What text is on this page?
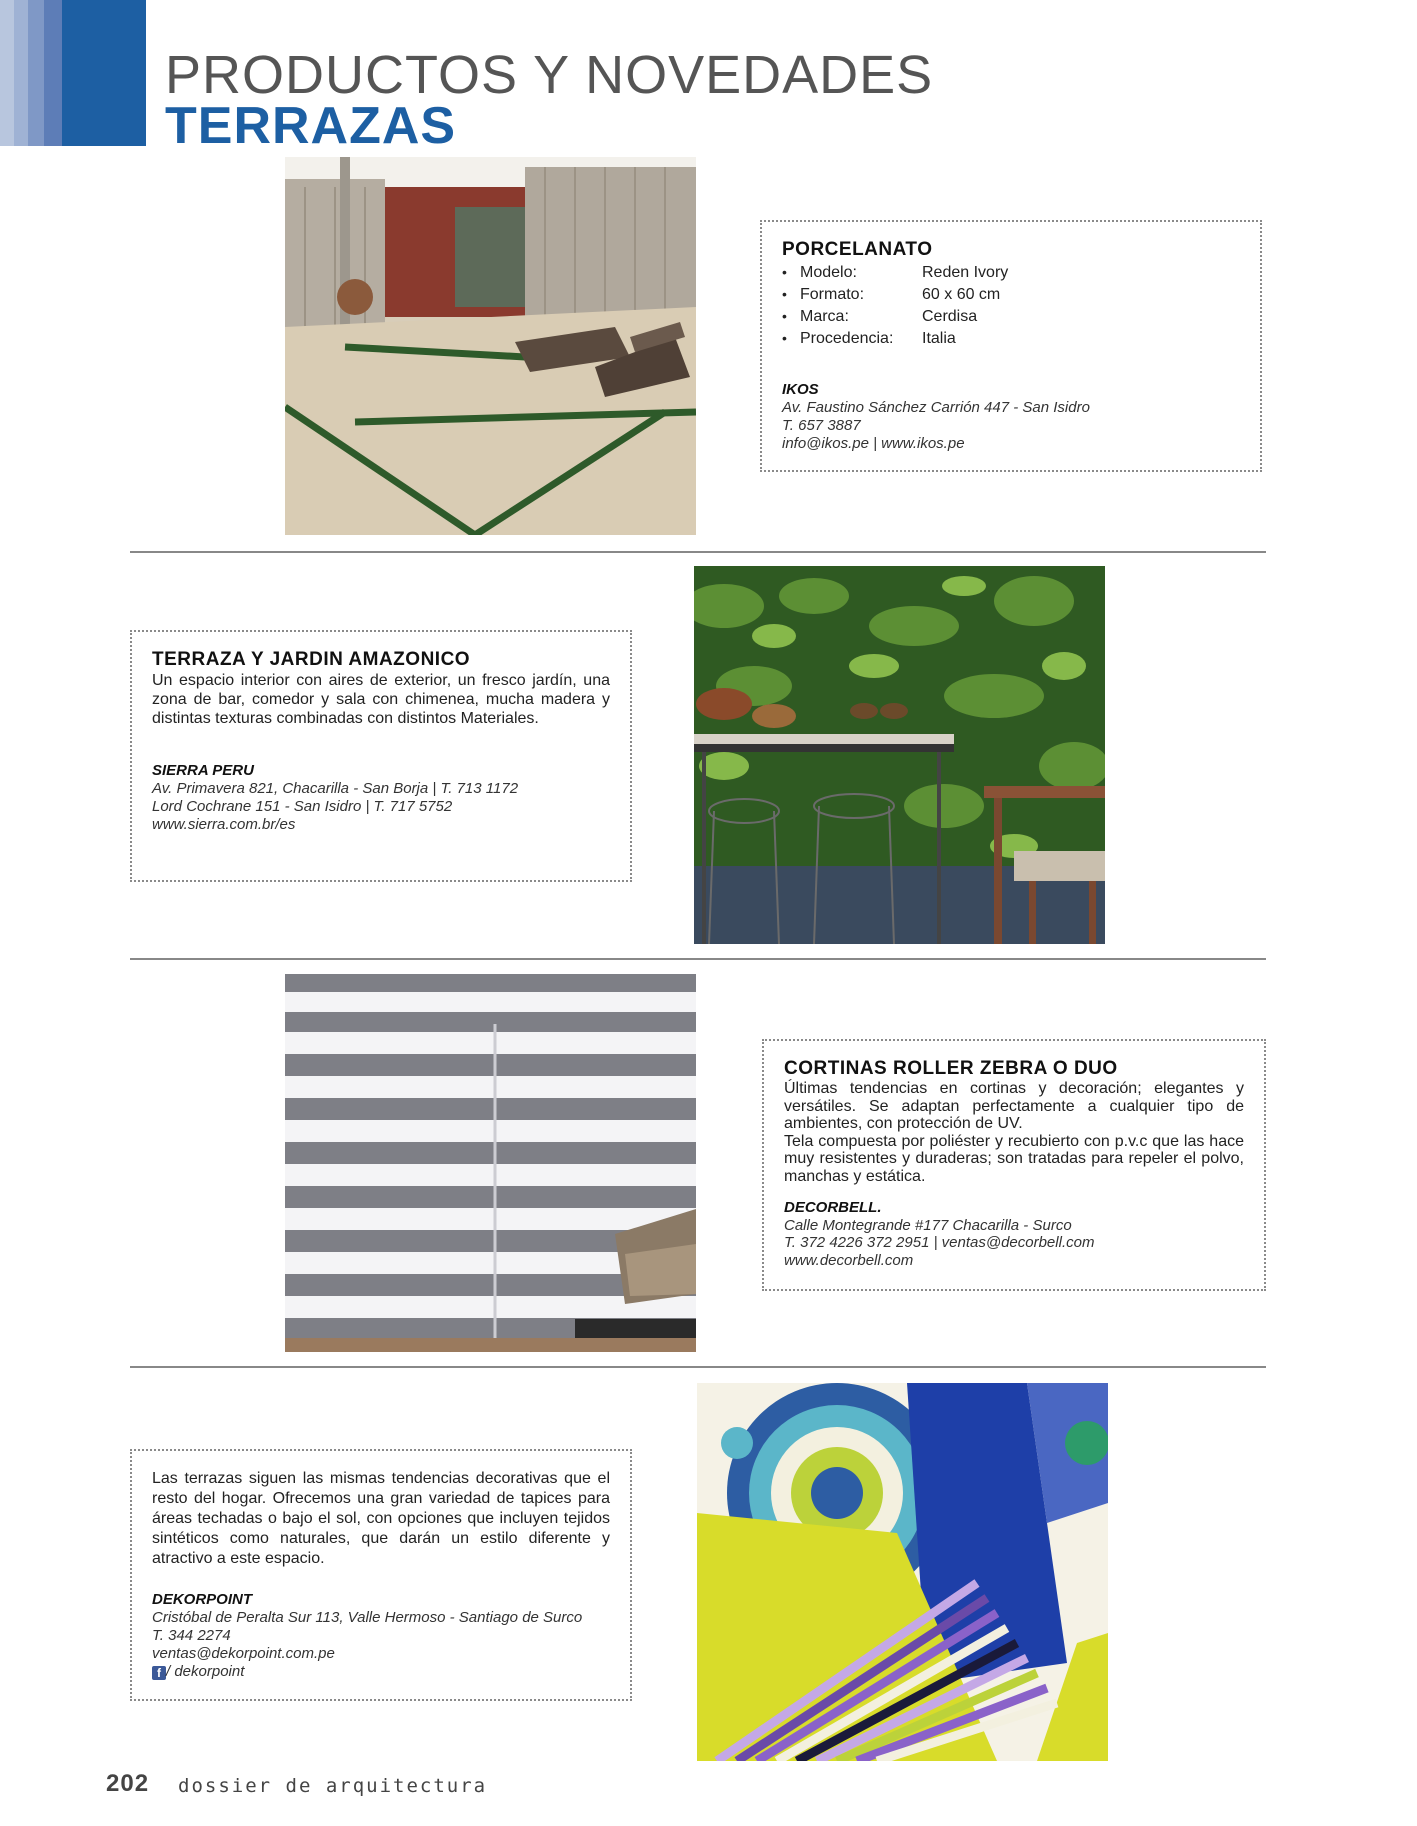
PRODUCTOS Y NOVEDADES
TERRAZAS
PORCELANATO
• Modelo:	Reden Ivory
• Formato:	60 x 60 cm
• Marca:	Cerdisa
• Procedencia:	Italia
IKOS
Av. Faustino Sánchez Carrión 447 - San Isidro
T. 657 3887
info@ikos.pe | www.ikos.pe
TERRAZA Y JARDIN AMAZONICO
Un espacio interior con aires de exterior, un fresco jardín, una zona de bar, comedor y sala con chimenea, mucha madera y distintas texturas combinadas con distintos Materiales.
SIERRA PERU
Av. Primavera 821, Chacarilla - San Borja | T. 713 1172
Lord Cochrane 151 - San Isidro | T. 717 5752
www.sierra.com.br/es
CORTINAS ROLLER ZEBRA O DUO
Últimas tendencias en cortinas y decoración; elegantes y versátiles. Se adaptan perfectamente a cualquier tipo de ambientes, con protección de UV.
Tela compuesta por poliéster y recubierto con p.v.c que las hace muy resistentes y duraderas; son tratadas para repeler el polvo, manchas y estática.
DECORBELL.
Calle Montegrande #177 Chacarilla - Surco
T. 372 4226 372 2951 | ventas@decorbell.com
www.decorbell.com
Las terrazas siguen las mismas tendencias decorativas que el resto del hogar. Ofrecemos una gran variedad de tapices para áreas techadas o bajo el sol, con opciones que incluyen tejidos sintéticos como naturales, que darán un estilo diferente y atractivo a este espacio.
DEKORPOINT
Cristóbal de Peralta Sur 113, Valle Hermoso - Santiago de Surco
T. 344 2274
ventas@dekorpoint.com.pe
f / dekorpoint
202 dossier de arquitectura
